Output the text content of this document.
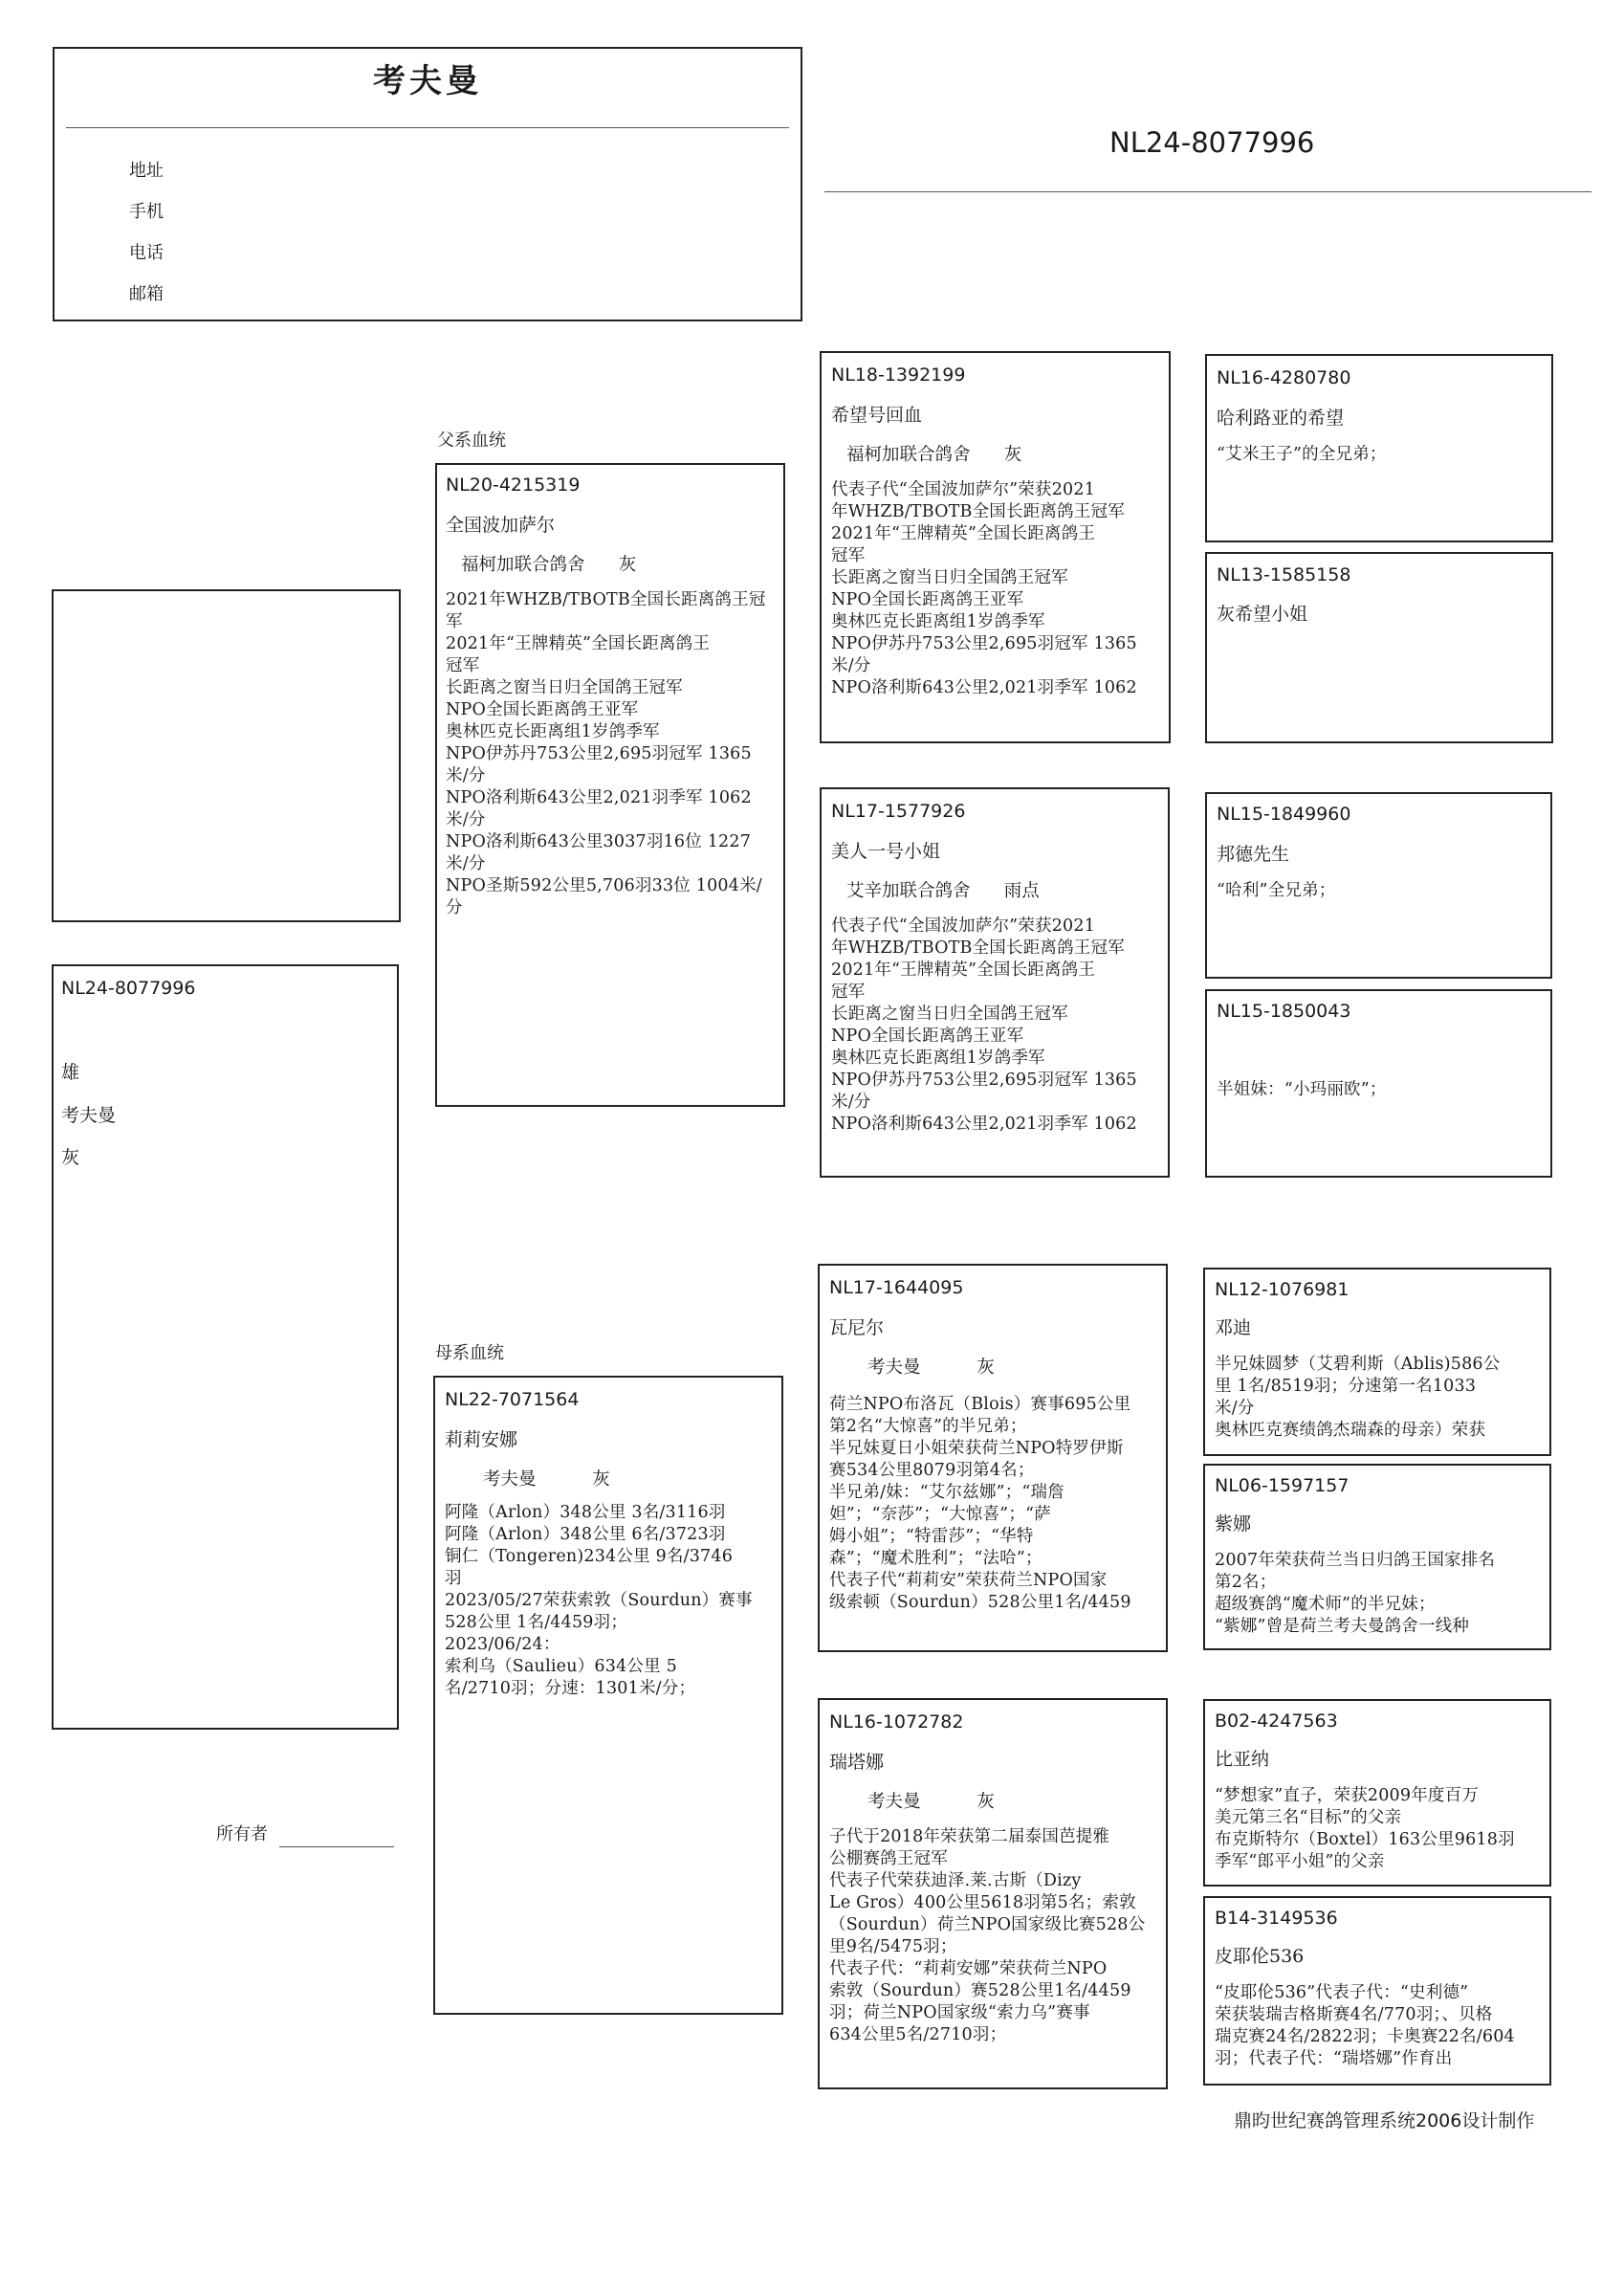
考夫曼
地址
手机
电话
邮箱
NL24-8077996
NL24-8077996
雄
考夫曼
灰
所有者
父系血统
母系血统
NL20-4215319
全国波加萨尔
福柯加联合鸽舍      灰
2021年WHZB/TBOTB全国长距离鸽王冠
军
2021年“王牌精英”全国长距离鸽王
冠军
长距离之窗当日归全国鸽王冠军
NPO全国长距离鸽王亚军
奥林匹克长距离组1岁鸽季军
NPO伊苏丹753公里2,695羽冠军 1365
米/分
NPO洛利斯643公里2,021羽季军 1062
米/分
NPO洛利斯643公里3037羽16位 1227
米/分
NPO圣斯592公里5,706羽33位 1004米/
分
NL22-7071564
莉莉安娜
考夫曼          灰
阿隆（Arlon）348公里 3名/3116羽
阿隆（Arlon）348公里 6名/3723羽
铜仁（Tongeren)234公里 9名/3746
羽
2023/05/27荣获索敦（Sourdun）赛事
528公里 1名/4459羽；
2023/06/24：
索利乌（Saulieu）634公里 5
名/2710羽；分速：1301米/分；
NL18-1392199
希望号回血
福柯加联合鸽舍      灰
代表子代“全国波加萨尔”荣获2021
年WHZB/TBOTB全国长距离鸽王冠军
2021年“王牌精英”全国长距离鸽王
冠军
长距离之窗当日归全国鸽王冠军
NPO全国长距离鸽王亚军
奥林匹克长距离组1岁鸽季军
NPO伊苏丹753公里2,695羽冠军 1365
米/分
NPO洛利斯643公里2,021羽季军 1062
NL17-1577926
美人一号小姐
艾辛加联合鸽舍      雨点
代表子代“全国波加萨尔”荣获2021
年WHZB/TBOTB全国长距离鸽王冠军
2021年“王牌精英”全国长距离鸽王
冠军
长距离之窗当日归全国鸽王冠军
NPO全国长距离鸽王亚军
奥林匹克长距离组1岁鸽季军
NPO伊苏丹753公里2,695羽冠军 1365
米/分
NPO洛利斯643公里2,021羽季军 1062
NL17-1644095
瓦尼尔
考夫曼          灰
荷兰NPO布洛瓦（Blois）赛事695公里
第2名“大惊喜”的半兄弟；
半兄妹夏日小姐荣获荷兰NPO特罗伊斯
赛534公里8079羽第4名；
半兄弟/妹：“艾尔兹娜”；“瑞詹
妲”；“奈莎”；“大惊喜”；“萨
姆小姐”；“特雷莎”；“华特
森”；“魔术胜利”；“法哈”；
代表子代“莉莉安”荣获荷兰NPO国家
级索顿（Sourdun）528公里1名/4459
NL16-1072782
瑞塔娜
考夫曼          灰
子代于2018年荣获第二届泰国芭提雅
公棚赛鸽王冠军
代表子代荣获迪泽.莱.古斯（Dizy
Le Gros）400公里5618羽第5名；索敦
（Sourdun）荷兰NPO国家级比赛528公
里9名/5475羽；
代表子代：“莉莉安娜”荣获荷兰NPO
索敦（Sourdun）赛528公里1名/4459
羽；荷兰NPO国家级“索力乌”赛事
634公里5名/2710羽；
NL16-4280780
哈利路亚的希望
“艾米王子”的全兄弟；
NL13-1585158
灰希望小姐
NL15-1849960
邦德先生
“哈利”全兄弟；
NL15-1850043
半姐妹：“小玛丽欧”；
NL12-1076981
邓迪
半兄妹圆梦（艾碧利斯（Ablis)586公
里 1名/8519羽；分速第一名1033
米/分
奥林匹克赛绩鸽杰瑞森的母亲）荣获
NL06-1597157
紫娜
2007年荣获荷兰当日归鸽王国家排名
第2名；
超级赛鸽“魔术师”的半兄妹；
“紫娜”曾是荷兰考夫曼鸽舍一线种
B02-4247563
比亚纳
“梦想家”直子，荣获2009年度百万
美元第三名“目标”的父亲
布克斯特尔（Boxtel）163公里9618羽
季军“郎平小姐”的父亲
B14-3149536
皮耶伦536
“皮耶伦536”代表子代：“史利德”
荣获装瑞吉格斯赛4名/770羽；、贝格
瑞克赛24名/2822羽；卡奥赛22名/604
羽；代表子代：“瑞塔娜”作育出
鼎昀世纪赛鸽管理系统2006设计制作
